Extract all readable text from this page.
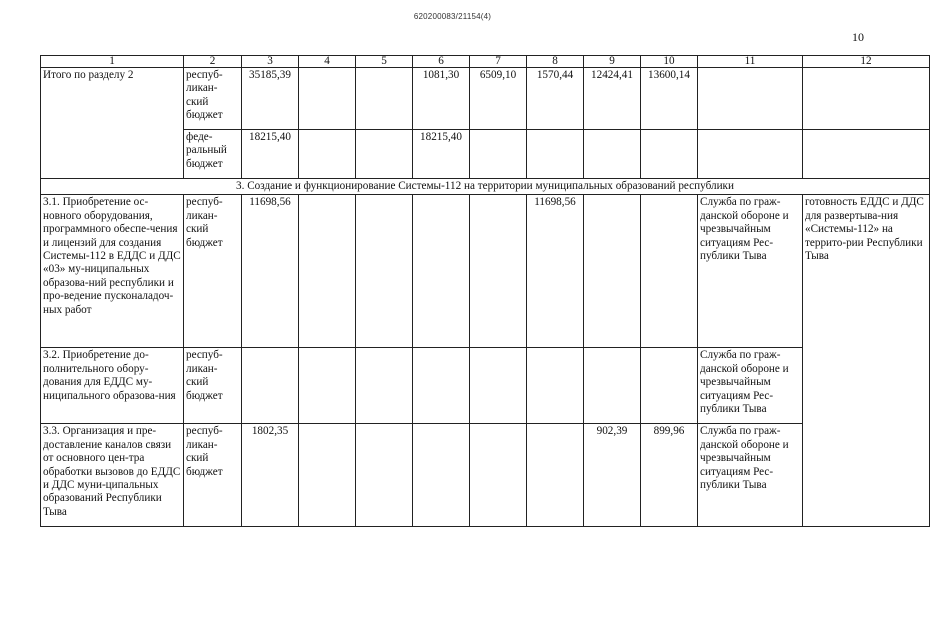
620200083/21154(4)
10
1	2	3	4	5	6	7	8	9	10	11	12
Итого по разделу 2	респуб-ликан-ский бюджет	35185,39			1081,30	6509,10	1570,44	12424,41	13600,14		
	феде-ральный бюджет	18215,40			18215,40						
3. Создание и функционирование Системы-112 на территории муниципальных образований республики											
3.1. Приобретение ос-новного оборудования, программного обеспе-чения и лицензий для создания Системы-112 в ЕДДС и ДДС «03» му-ниципальных образова-ний республики и про-ведение пусконаладоч-ных работ	респуб-ликан-ский бюджет	11698,56					11698,56			Служба по граж-данской обороне и чрезвычайным ситуациям Рес-публики Тыва	готовность ЕДДС и ДДС для развертыва-ния «Системы-112» на террито-рии Республики Тыва
3.2. Приобретение до-полнительного обору-дования для ЕДДС му-ниципального образова-ния	респуб-ликан-ский бюджет									Служба по граж-данской обороне и чрезвычайным ситуациям Рес-публики Тыва	
3.3. Организация и пре-доставление каналов связи от основного цен-тра обработки вызовов до ЕДДС и ДДС муни-ципальных образований Республики Тыва	респуб-ликан-ский бюджет	1802,35						902,39	899,96	Служба по граж-данской обороне и чрезвычайным ситуациям Рес-публики Тыва	
